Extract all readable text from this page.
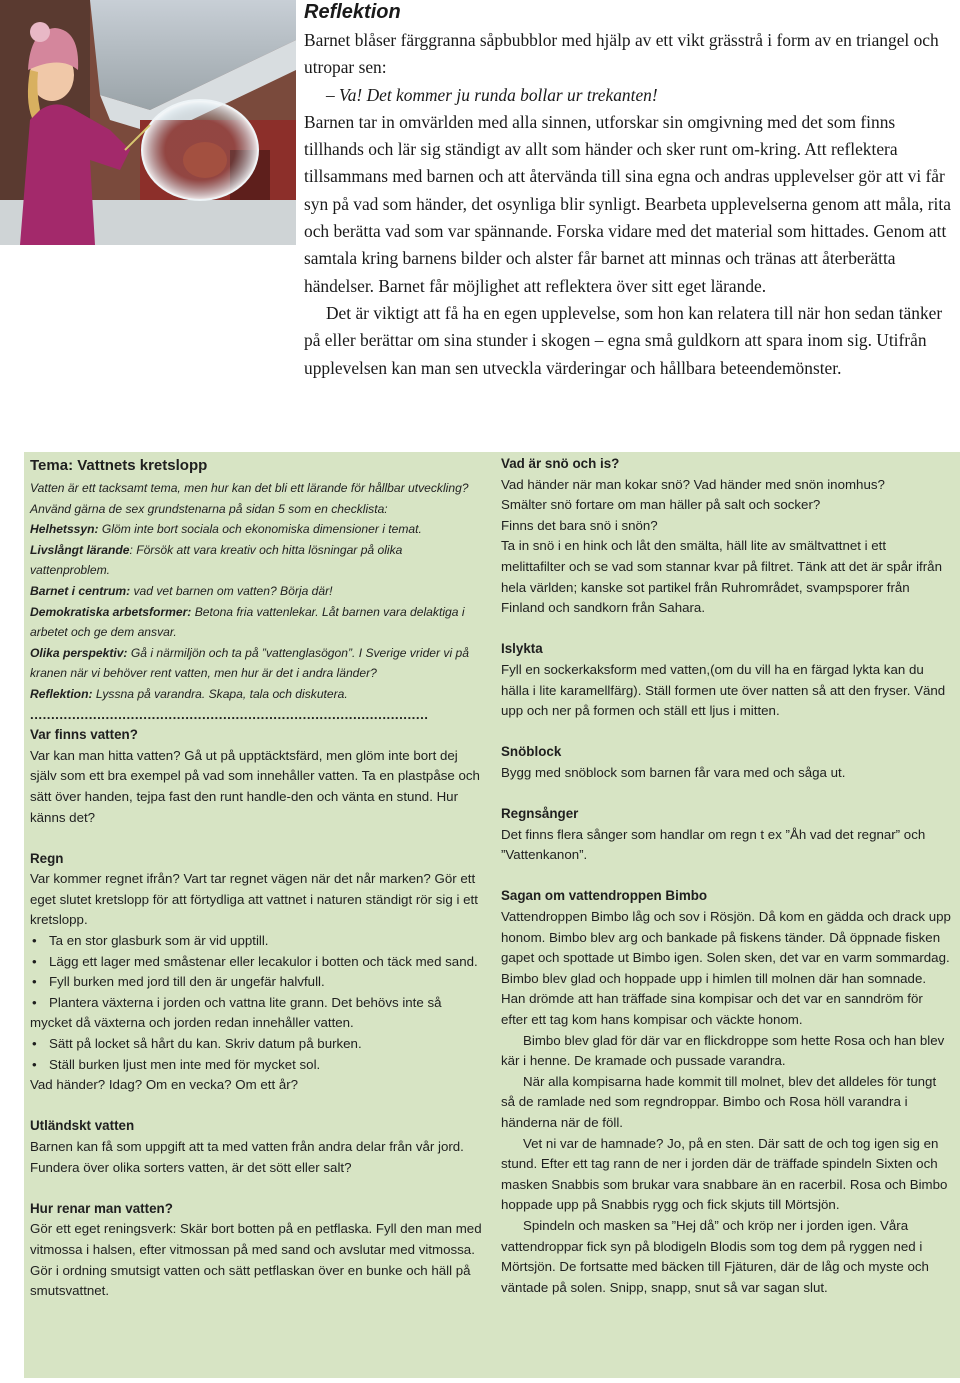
Reflektion

Barnet blåser färggranna såpbubblor med hjälp av ett vikt grässtrå i form av en triangel och utropar sen:

– Va! Det kommer ju runda bollar ur trekanten!

Barnen tar in omvärlden med alla sinnen, utforskar sin omgivning med det som finns tillhands och lär sig ständigt av allt som händer och sker runt om-kring. Att reflektera tillsammans med barnen och att återvända till sina egna och andras upplevelser gör att vi får syn på vad som händer, det osynliga blir synligt. Bearbeta upplevelserna genom att måla, rita och berätta vad som var spännande. Forska vidare med det material som hittades. Genom att samtala kring barnens bilder och alster får barnet att minnas och tränas att återberätta händelser. Barnet får möjlighet att reflektera över sitt eget lärande.

Det är viktigt att få ha en egen upplevelse, som hon kan relatera till när hon sedan tänker på eller berättar om sina stunder i skogen – egna små guldkorn att spara inom sig. Utifrån upplevelsen kan man sen utveckla värderingar och hållbara beteendemönster.

Tema: Vattnets kretslopp
Vatten är ett tacksamt tema, men hur kan det bli ett lärande för hållbar utveckling? Använd gärna de sex grundstenarna på sidan 5 som en checklista:
Helhetssyn: Glöm inte bort sociala och ekonomiska dimensioner i temat.
Livslångt lärande: Försök att vara kreativ och hitta lösningar på olika vattenproblem.
Barnet i centrum: vad vet barnen om vatten? Börja där!
Demokratiska arbetsformer: Betona fria vattenlekar. Låt barnen vara delaktiga i arbetet och ge dem ansvar.
Olika perspektiv: Gå i närmiljön och ta på ”vattenglasögon”. I Sverige vrider vi på kranen när vi behöver rent vatten, men hur är det i andra länder?
Reflektion: Lyssna på varandra. Skapa, tala och diskutera.
...............................................................................................
Var finns vatten?
Var kan man hitta vatten? Gå ut på upptäcktsfärd, men glöm inte bort dej själv som ett bra exempel på vad som innehåller vatten. Ta en plastpåse och sätt över handen, tejpa fast den runt handle-den och vänta en stund. Hur känns det?
Regn
Var kommer regnet ifrån? Vart tar regnet vägen när det når marken? Gör ett eget slutet kretslopp för att förtydliga att vattnet i naturen ständigt rör sig i ett kretslopp.
• Ta en stor glasburk som är vid upptill.
• Lägg ett lager med småstenar eller lecakulor i botten och täck med sand.
• Fyll burken med jord till den är ungefär halvfull.
• Plantera växterna i jorden och vattna lite grann. Det behövs inte så mycket då växterna och jorden redan innehåller vatten.
• Sätt på locket så hårt du kan. Skriv datum på burken.
• Ställ burken ljust men inte med för mycket sol.
Vad händer? Idag? Om en vecka? Om ett år?
Utländskt vatten
Barnen kan få som uppgift att ta med vatten från andra delar från vår jord. Fundera över olika sorters vatten, är det sött eller salt?
Hur renar man vatten?
Gör ett eget reningsverk: Skär bort botten på en petflaska. Fyll den man med vitmossa i halsen, efter vitmossan på med sand och avslutar med vitmossa. Gör i ordning smutsigt vatten och sätt petflaskan över en bunke och häll på smutsvattnet.
Vad är snö och is?
Vad händer när man kokar snö? Vad händer med snön inomhus?
Smälter snö fortare om man häller på salt och socker?
Finns det bara snö i snön?
Ta in snö i en hink och låt den smälta, häll lite av smältvattnet i ett melittafilter och se vad som stannar kvar på filtret. Tänk att det är spår ifrån hela världen; kanske sot partikel från Ruhrområdet, svampsporer från Finland och sandkorn från Sahara.
Islykta
Fyll en sockerkaksform med vatten,(om du vill ha en färgad lykta kan du hälla i lite karamellfärg). Ställ formen ute över natten så att den fryser. Vänd upp och ner på formen och ställ ett ljus i mitten.
Snöblock
Bygg med snöblock som barnen får vara med och såga ut.
Regnsånger
Det finns flera sånger som handlar om regn t ex ”Åh vad det regnar” och ”Vattenkanon”.
Sagan om vattendroppen Bimbo
Vattendroppen Bimbo låg och sov i Rösjön. Då kom en gädda och drack upp honom. Bimbo blev arg och bankade på fiskens tänder. Då öppnade fisken gapet och spottade ut Bimbo igen. Solen sken, det var en varm sommardag. Bimbo blev glad och hoppade upp i himlen till molnen där han somnade. Han drömde att han träffade sina kompisar och det var en sanndröm för efter ett tag kom hans kompisar och väckte honom.
Bimbo blev glad för där var en flickdroppe som hette Rosa och han blev kär i henne. De kramade och pussade varandra.
När alla kompisarna hade kommit till molnet, blev det alldeles för tungt så de ramlade ned som regndroppar. Bimbo och Rosa höll varandra i händerna när de föll.
Vet ni var de hamnade? Jo, på en sten. Där satt de och tog igen sig en stund. Efter ett tag rann de ner i jorden där de träffade spindeln Sixten och masken Snabbis som brukar vara snabbare än en racerbil. Rosa och Bimbo hoppade upp på Snabbis rygg och fick skjuts till Mörtsjön.
Spindeln och masken sa ”Hej då” och kröp ner i jorden igen. Våra vattendroppar fick syn på blodigeln Blodis som tog dem på ryggen ned i Mörtsjön. De fortsatte med bäcken till Fjäturen, där de låg och myste och väntade på solen. Snipp, snapp, snut så var sagan slut.
